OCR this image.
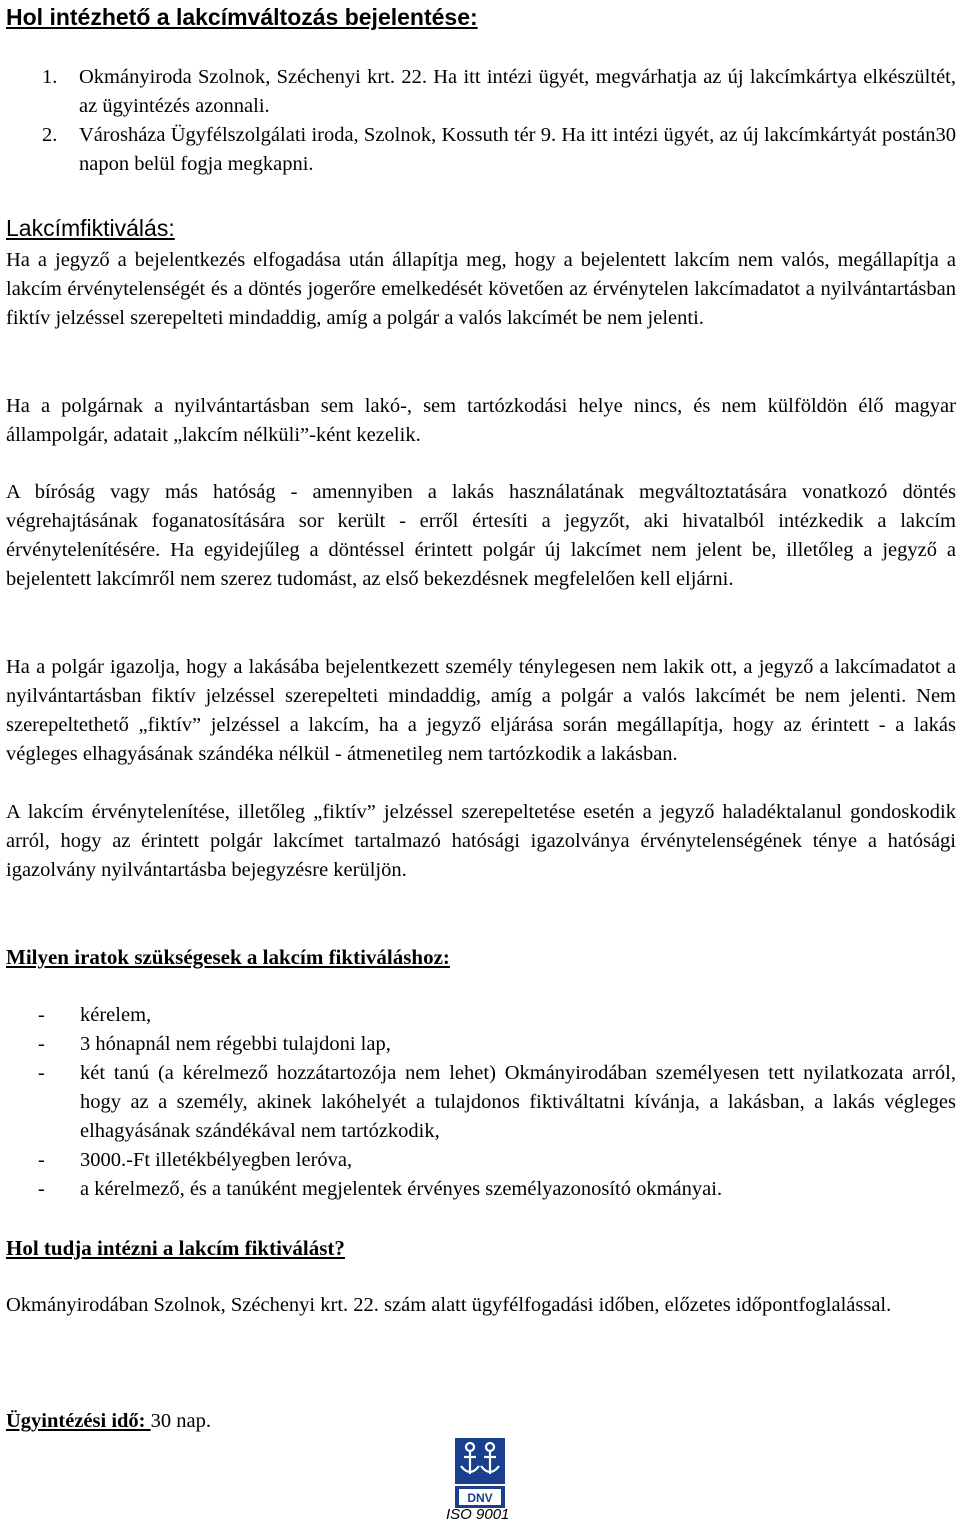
Hol intézhető a lakcímváltozás bejelentése:
1. Okmányiroda Szolnok, Széchenyi krt. 22. Ha itt intézi ügyét, megvárhatja az új lakcímkártya elkészültét, az ügyintézés azonnali.
2. Városháza Ügyfélszolgálati iroda, Szolnok, Kossuth tér 9. Ha itt intézi ügyét, az új lakcímkártyát postán30 napon belül fogja megkapni.
Lakcímfiktiválás:

Ha a jegyző a bejelentkezés elfogadása után állapítja meg, hogy a bejelentett lakcím nem valós, megállapítja a lakcím érvénytelenségét és a döntés jogerőre emelkedését követően az érvénytelen lakcímadatot a nyilvántartásban fiktív jelzéssel szerepelteti mindaddig, amíg a polgár a valós lakcímét be nem jelenti.

Ha a polgárnak a nyilvántartásban sem lakó-, sem tartózkodási helye nincs, és nem külföldön élő magyar állampolgár, adatait „lakcím nélküli”-ként kezelik.

A bíróság vagy más hatóság - amennyiben a lakás használatának megváltoztatására vonatkozó döntés végrehajtásának foganatosítására sor került - erről értesíti a jegyzőt, aki hivatalból intézkedik a lakcím érvénytelenítésére. Ha egyidejűleg a döntéssel érintett polgár új lakcímet nem jelent be, illetőleg a jegyző a bejelentett lakcímről nem szerez tudomást, az első bekezdésnek megfelelően kell eljárni.

Ha a polgár igazolja, hogy a lakásába bejelentkezett személy ténylegesen nem lakik ott, a jegyző a lakcímadatot a nyilvántartásban fiktív jelzéssel szerepelteti mindaddig, amíg a polgár a valós lakcímét be nem jelenti. Nem szerepeltethető „fiktív” jelzéssel a lakcím, ha a jegyző eljárása során megállapítja, hogy az érintett - a lakás végleges elhagyásának szándéka nélkül - átmenetileg nem tartózkodik a lakásban.

A lakcím érvénytelenítése, illetőleg „fiktív” jelzéssel szerepeltetése esetén a jegyző haladéktalanul gondoskodik arról, hogy az érintett polgár lakcímet tartalmazó hatósági igazolványa érvénytelenségének ténye a hatósági igazolvány nyilvántartásba bejegyzésre kerüljön.

Milyen iratok szükségesek a lakcím fiktiváláshoz:
- kérelem,
- 3 hónapnál nem régebbi tulajdoni lap,
- két tanú (a kérelmező hozzátartozója nem lehet) Okmányirodában személyesen tett nyilatkozata arról, hogy az a személy, akinek lakóhelyét a tulajdonos fiktiváltatni kívánja, a lakásban, a lakás végleges elhagyásának szándékával nem tartózkodik,
- 3000.-Ft illetékbélyegben leróva,
- a kérelmező, és a tanúként megjelentek érvényes személyazonosító okmányai.
Hol tudja intézni a lakcím fiktiválást?

Okmányirodában Szolnok, Széchenyi krt. 22. szám alatt ügyfélfogadási időben, előzetes időpontfoglalással.

Ügyintézési idő: 30 nap.
DNV
ISO 9001
